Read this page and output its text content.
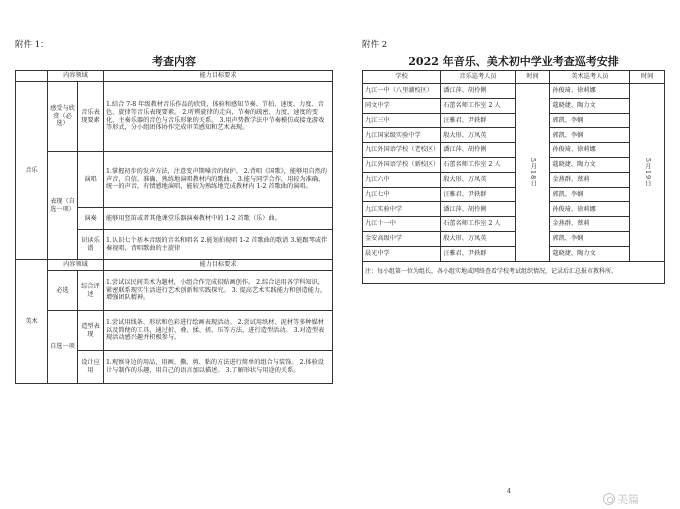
附件 1：
考查内容
	内容领域		能力目标要求
音乐	感受与欣赏（必选）	音乐表现要素	1.结合 7-8 年级教材音乐作品的欣赏，体验和感知节奏、节拍、速度、力度、音色、旋律等音乐表现要素。 2.听辨旋律的走向，节奏的疏密、力度、速度的变化，主奏乐器的音色与音乐形象的关系。 3.用声势教学法中节奏模仿或接龙游戏等形式，分小组团体协作完成审美感知和艺术表现。
	表现（自选一项）	演唱	1.掌握初步的发声方法，注意变声期嗓音的保护。 2.背唱《国歌》，能够用自然的声音，自信、准确、熟练地演唱教材内的歌曲。 3.能与同学合作，用较为准确、统一的声音，有情感地演唱，能较为熟练地完成教材内 1-2 首歌曲的演唱。
		演奏	能够用竖笛或者其他课堂乐器演奏教材中的 1-2 首歌（乐）曲。
		识读乐谱	1.认识七个基本音级的音名和唱名 2.能划拍视唱 1-2 首歌曲的歌谱 3.能跟琴或伴奏视唱、背唱歌曲的主旋律
美术	内容领域		能力目标要求
	必选	综合评述	1.尝试以民间美术为题材，小组合作完成招贴画创作。 2.综合运用各学科知识，紧密联系现实生活进行艺术创新和实践探究。 3. 提高艺术实践能力和创造能力，增强团队精神。
	自选一项	造型表现	1.尝试用线条、形状和色彩进行绘画表现活动。 2.尝试用纸材、泥材等多种媒材以及简便的工具，通过折、叠、揉、搓、压等方法，进行造型活动。 3.对造型表现活动感兴趣并积极参与。
		设计应用	1.观察身边的用品，用画、撕、剪、粘的方法进行简单的组合与装饰。 2.体验设计与制作的乐趣，用自己的语言加以描述。 3.了解形状与用途的关系。
附件 2
2022 年音乐、美术初中学业考查巡考安排
学校	音乐巡考人员	时间	美术巡考人员	时间
九江一中（八里湖校区）	潘江萍、胡伶俐	5月18日	孙俊琦、徐莉娜	5月19日
同文中学	石蕾名师工作室 2 人		蔻晓捷、陶力文	
九江三中	汪雅君、尹轶群		郭凯、李娴	
九江国家级实验中学	殷大形、万凤英		郭凯、李娴	
九江外国语学校（老校区）	潘江萍、胡伶俐		孙俊琦、徐莉娜	
九江外国语学校（新校区）	石蕾名师工作室 2 人		蔻晓捷、陶力文	
九江六中	殷大形、万凤英		金燕群、蔡莉	
九江七中	汪雅君、尹轶群		郭凯、李娴	
九江实验中学	潘江萍、胡伶俐		孙俊琦、徐莉娜	
九江十一中	石蕾名师工作室 2 人		金燕群、蔡莉	
金安高级中学	殷大形、万凤英		郭凯、李娴	
晨光中学	汪雅君、尹轶群		蔻晓捷、陶力文	
注：每小组第一位为组长，各小组实地或网络查看学校考试组织情况，记录后汇总报市教科所。				
4
美篇
